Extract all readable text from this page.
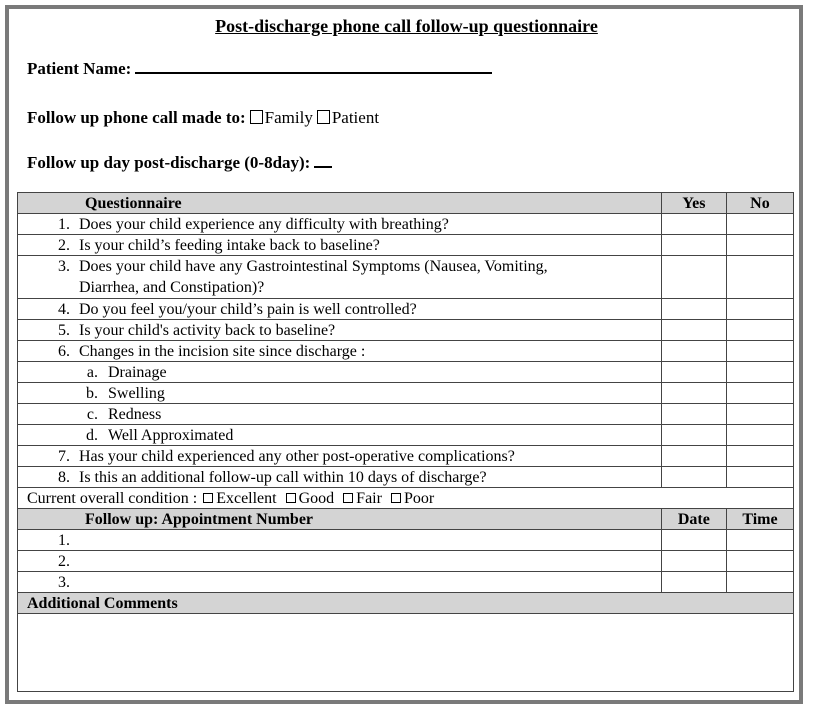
Post-discharge phone call follow-up questionnaire
Patient Name:
Follow up phone call made to: Family Patient
Follow up day post-discharge (0-8day):
Questionnaire	Yes	No
1. Does your child experience any difficulty with breathing?		
2. Is your child’s feeding intake back to baseline?		

3. Does your child have any Gastrointestinal Symptoms (Nausea, Vomiting,
Diarrhea, and Constipation)?		

4. Do you feel you/your child’s pain is well controlled?		
5. Is your child's activity back to baseline?		
6. Changes in the incision site since discharge :		
a. Drainage		
b. Swelling		
c. Redness		
d. Well Approximated		
7. Has your child experienced any other post-operative complications?		
8. Is this an additional follow-up call within 10 days of discharge?		
Current overall condition : Excellent Good Fair Poor		
Follow up: Appointment Number	Date	Time
1.		
2.		
3.		
Additional Comments		
